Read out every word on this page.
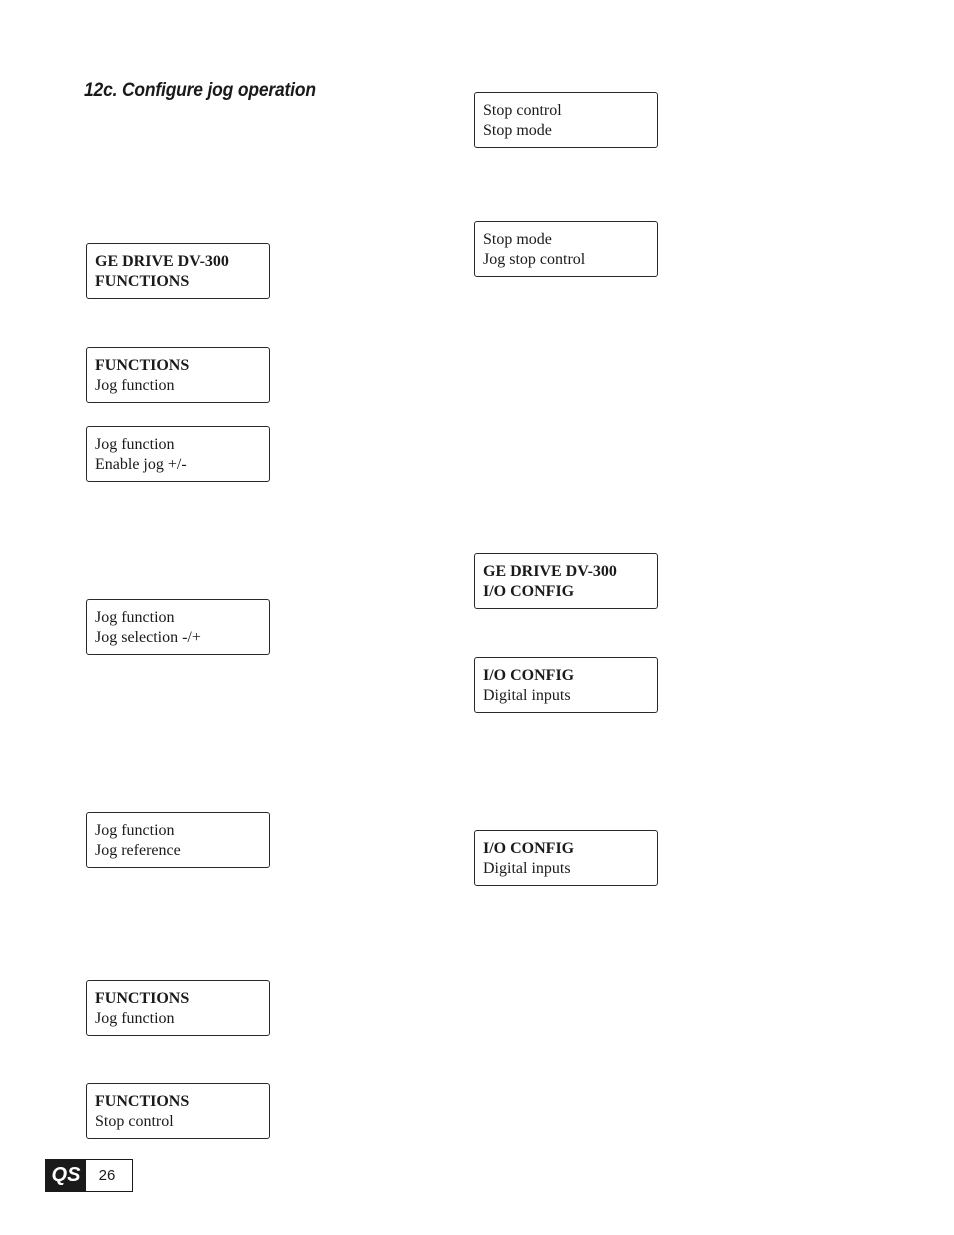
12c. Configure jog operation
GE DRIVE DV-300
FUNCTIONS
FUNCTIONS
Jog function
Jog function
Enable jog +/-
Jog function
Jog selection -/+
Jog function
Jog reference
FUNCTIONS
Jog function
FUNCTIONS
Stop control
Stop control
Stop mode
Stop mode
Jog stop control
GE DRIVE DV-300
I/O CONFIG
I/O CONFIG
Digital inputs
I/O CONFIG
Digital inputs
QS	26
